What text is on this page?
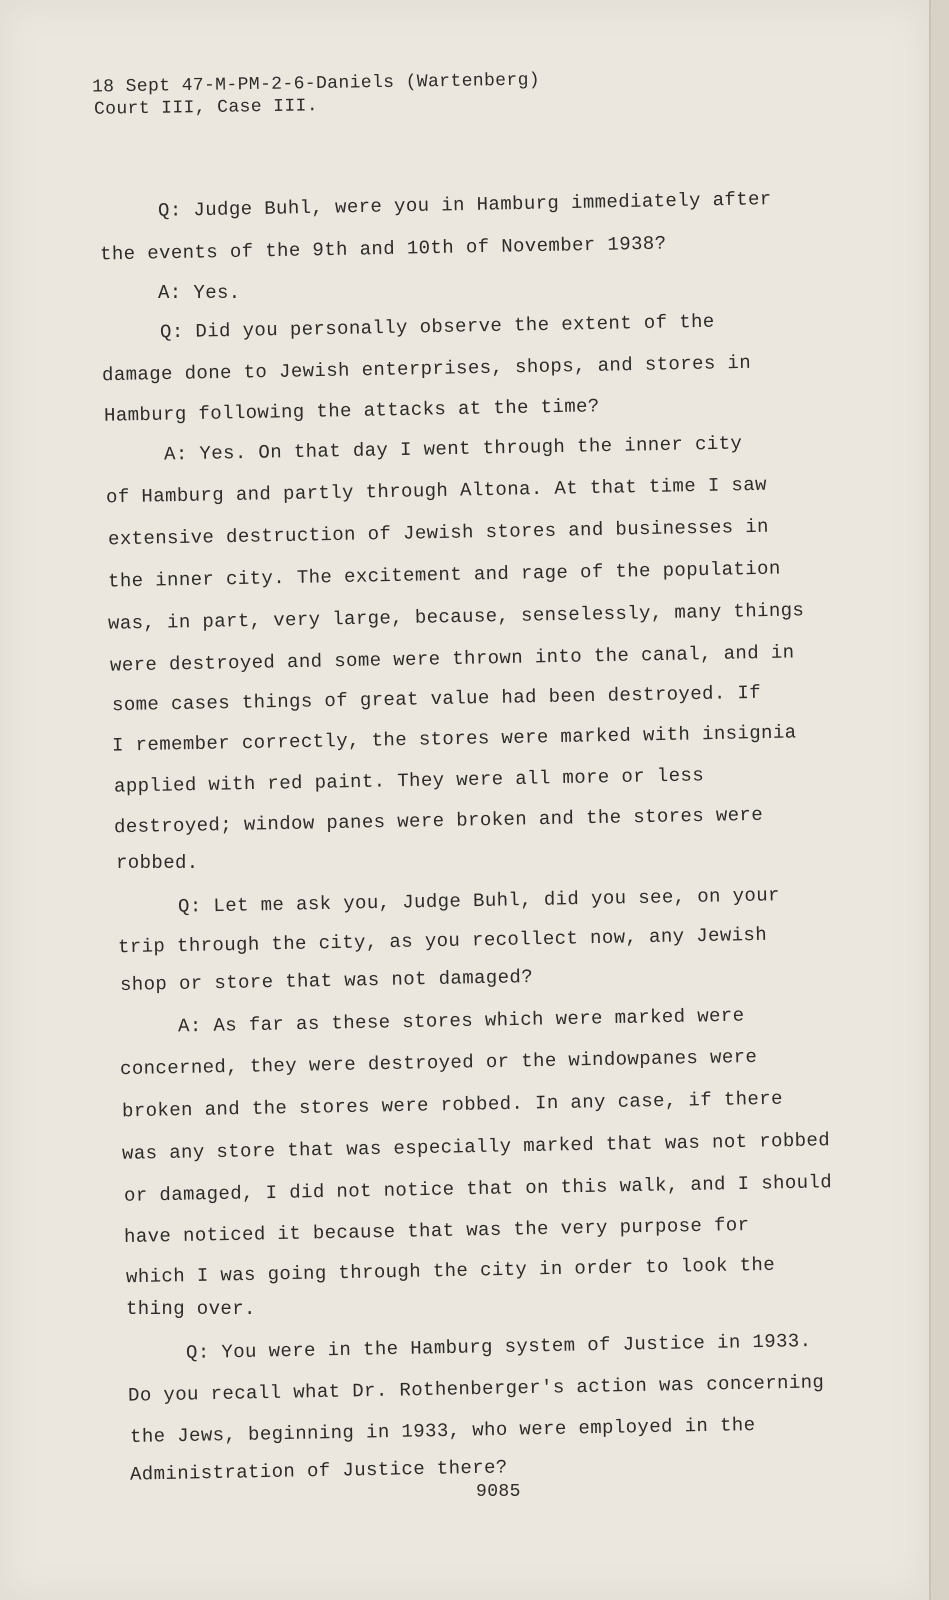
18 Sept 47-M-PM-2-6-Daniels (Wartenberg)
Court III, Case III.
Q: Judge Buhl, were you in Hamburg immediately after
the events of the 9th and 10th of November 1938?
A: Yes.
Q: Did you personally observe the extent of the
damage done to Jewish enterprises, shops, and stores in
Hamburg following the attacks at the time?
A: Yes. On that day I went through the inner city
of Hamburg and partly through Altona. At that time I saw
extensive destruction of Jewish stores and businesses in
the inner city. The excitement and rage of the population
was, in part, very large, because, senselessly, many things
were destroyed and some were thrown into the canal, and in
some cases things of great value had been destroyed. If
I remember correctly, the stores were marked with insignia
applied with red paint. They were all more or less
destroyed; window panes were broken and the stores were
robbed.
Q: Let me ask you, Judge Buhl, did you see, on your
trip through the city, as you recollect now, any Jewish
shop or store that was not damaged?
A: As far as these stores which were marked were
concerned, they were destroyed or the windowpanes were
broken and the stores were robbed. In any case, if there
was any store that was especially marked that was not robbed
or damaged, I did not notice that on this walk, and I should
have noticed it because that was the very purpose for
which I was going through the city in order to look the
thing over.
Q: You were in the Hamburg system of Justice in 1933.
Do you recall what Dr. Rothenberger's action was concerning
the Jews, beginning in 1933, who were employed in the
Administration of Justice there?
9085
